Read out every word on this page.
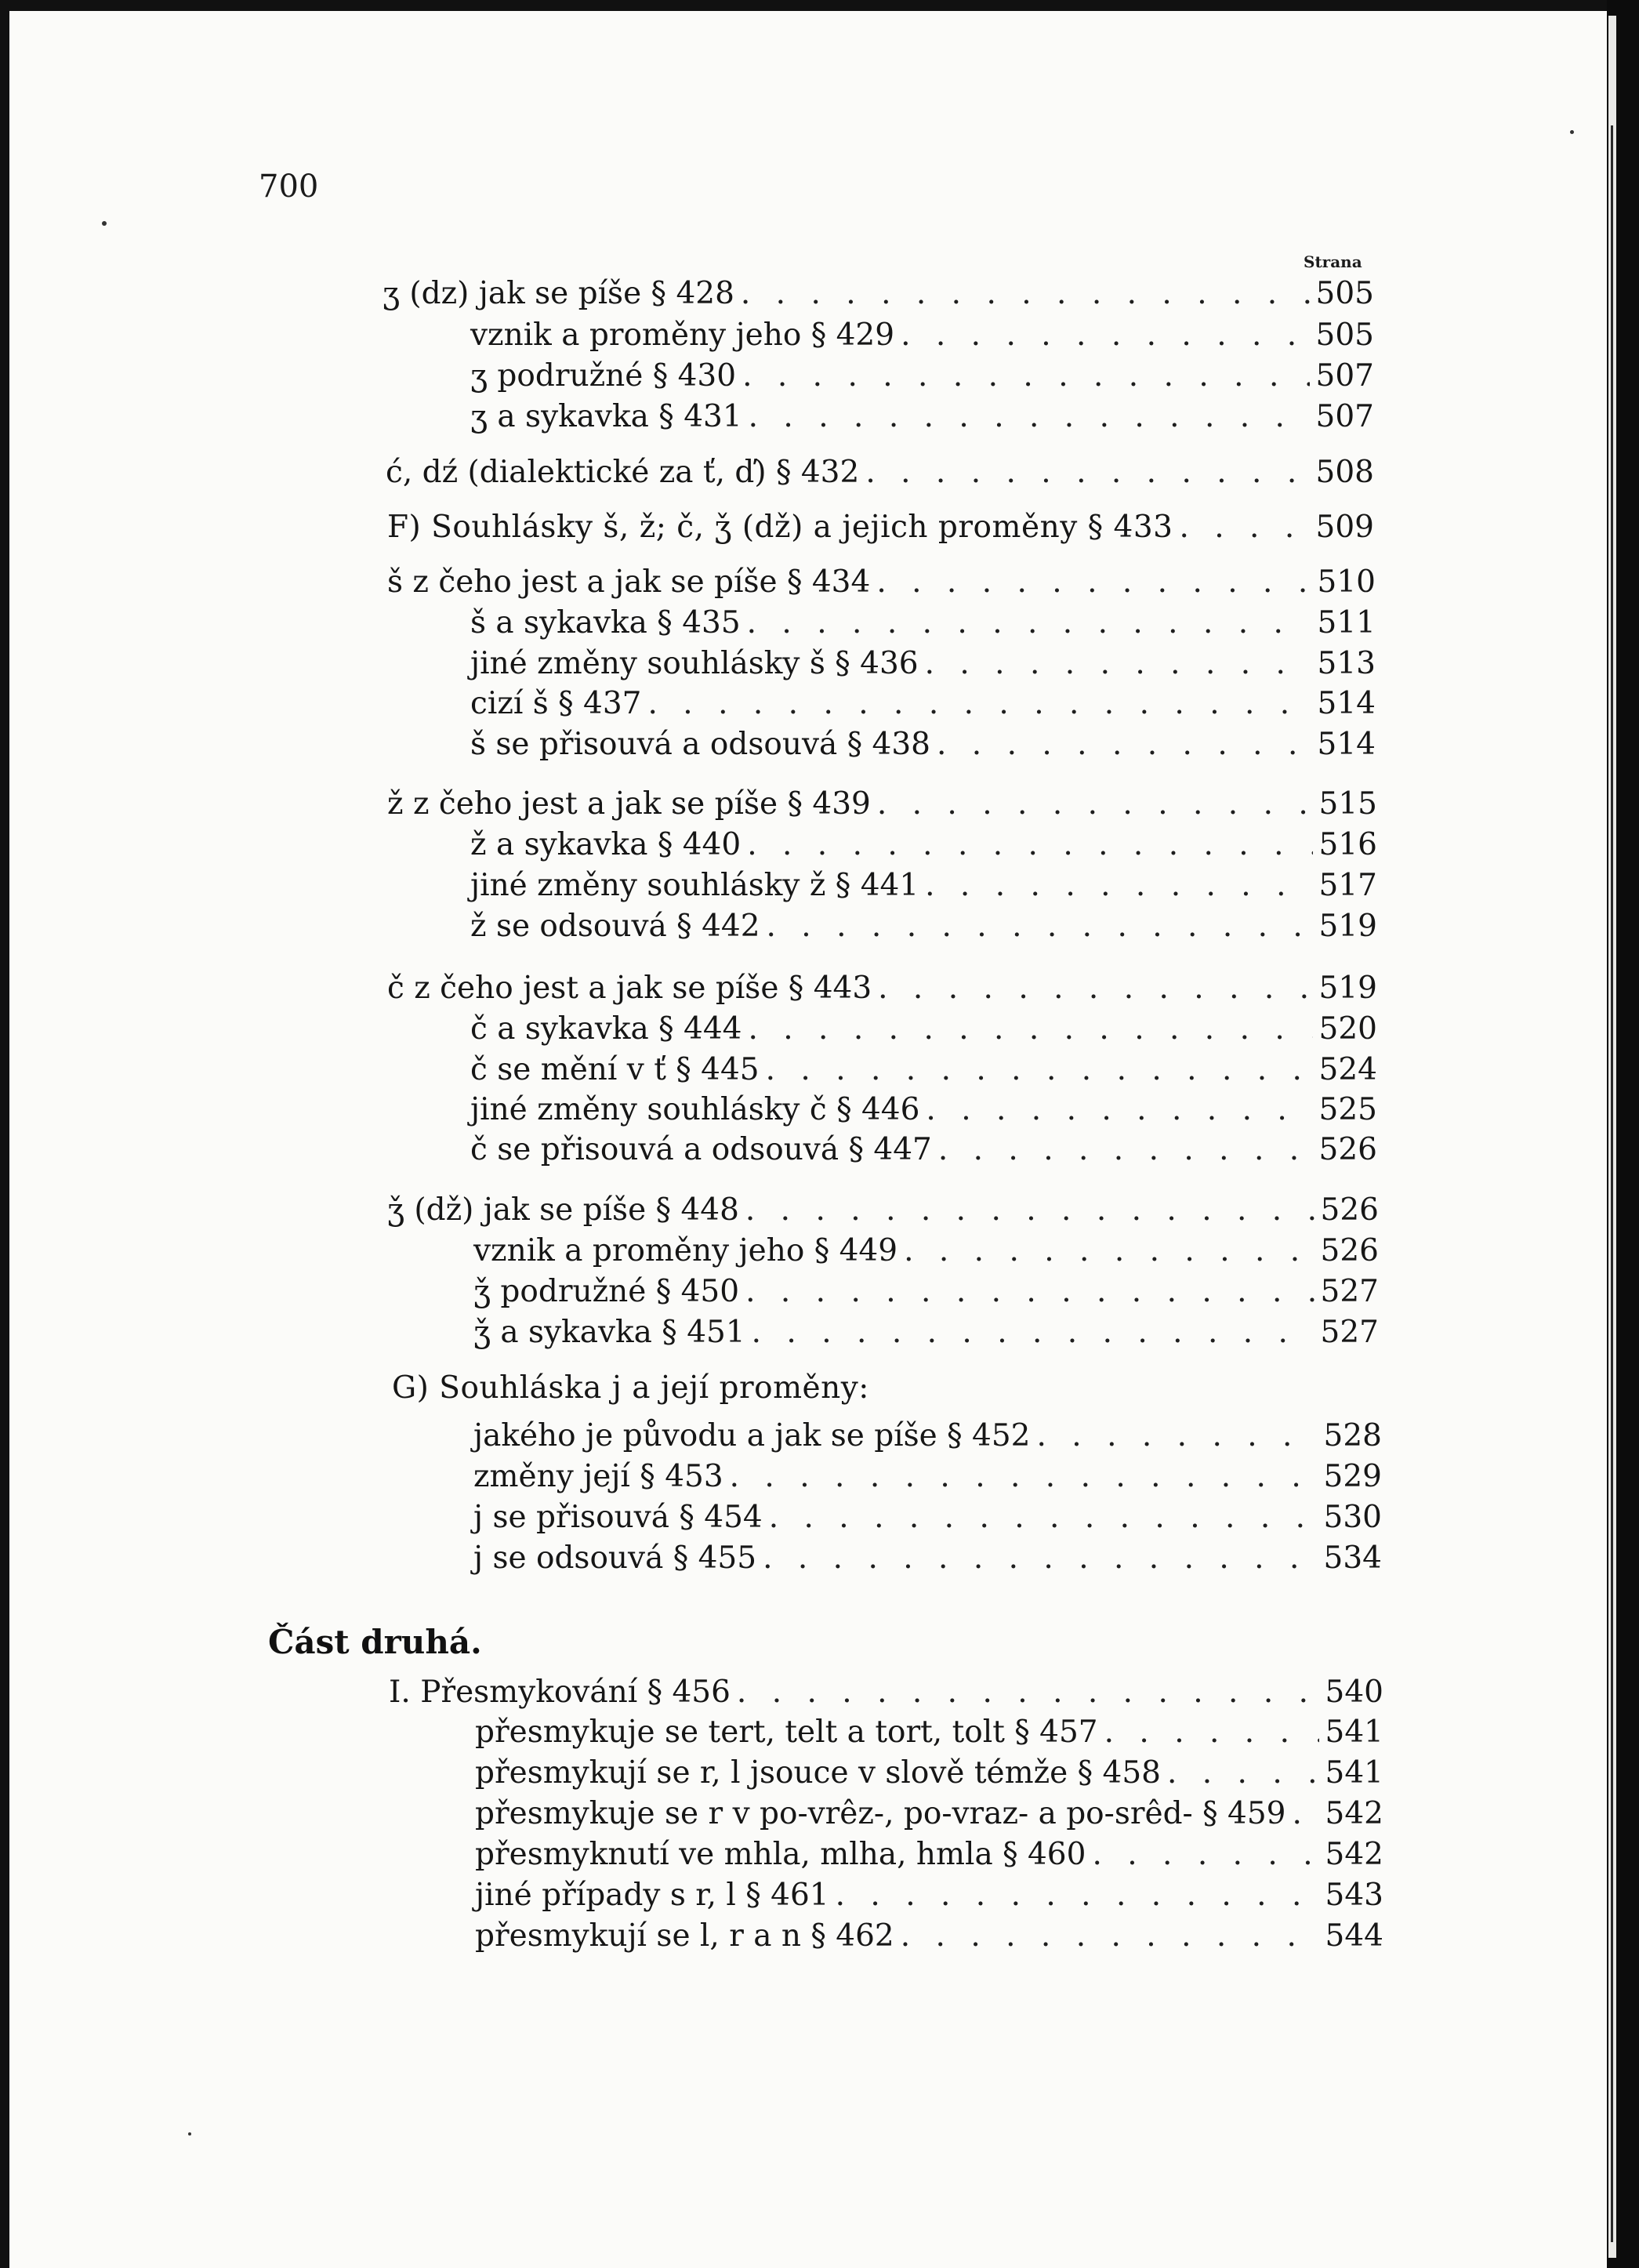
700
Strana
ʒ (dz) jak se píše § 428 . . .	505
vznik a proměny jeho § 429 . . .	505
ʒ podružné § 430 . . .	507
ʒ a sykavka § 431 . . .	507
ć, dź (dialektické za ť, ď) § 432 . . .	508
F) Souhlásky š, ž; č, ǯ (dž) a jejich proměny § 433 . . .	509
š z čeho jest a jak se píše § 434 . . .	510
š a sykavka § 435 . . .	511
jiné změny souhlásky š § 436 . . .	513
cizí š § 437 . . .	514
š se přisouvá a odsouvá § 438 . . .	514
ž z čeho jest a jak se píše § 439 . . .	515
ž a sykavka § 440 . . .	516
jiné změny souhlásky ž § 441 . . .	517
ž se odsouvá § 442 . . .	519
č z čeho jest a jak se píše § 443 . . .	519
č a sykavka § 444 . . .	520
č se mění v ť § 445 . . .	524
jiné změny souhlásky č § 446 . . .	525
č se přisouvá a odsouvá § 447 . . .	526
ǯ (dž) jak se píše § 448 . . .	526
vznik a proměny jeho § 449 . . .	526
ǯ podružné § 450 . . .	527
ǯ a sykavka § 451 . . .	527
G) Souhláska j a její proměny:
jakého je původu a jak se píše § 452 . . .	528
změny její § 453 . . .	529
j se přisouvá § 454 . . .	530
j se odsouvá § 455 . . .	534
Část druhá.
I. Přesmykování § 456 . . .	540
přesmykuje se tert, telt a tort, tolt § 457 . . .	541
přesmykují se r, l jsouce v slově témže § 458 . . .	541
přesmykuje se r v po-vrêz-, po-vraz- a po-srêd- § 459 . . . 542
přesmyknutí ve mhla, mlha, hmla § 460 . . .	542
jiné případy s r, l § 461 . . .	543
přesmykují se l, r a n § 462 . . .	544
